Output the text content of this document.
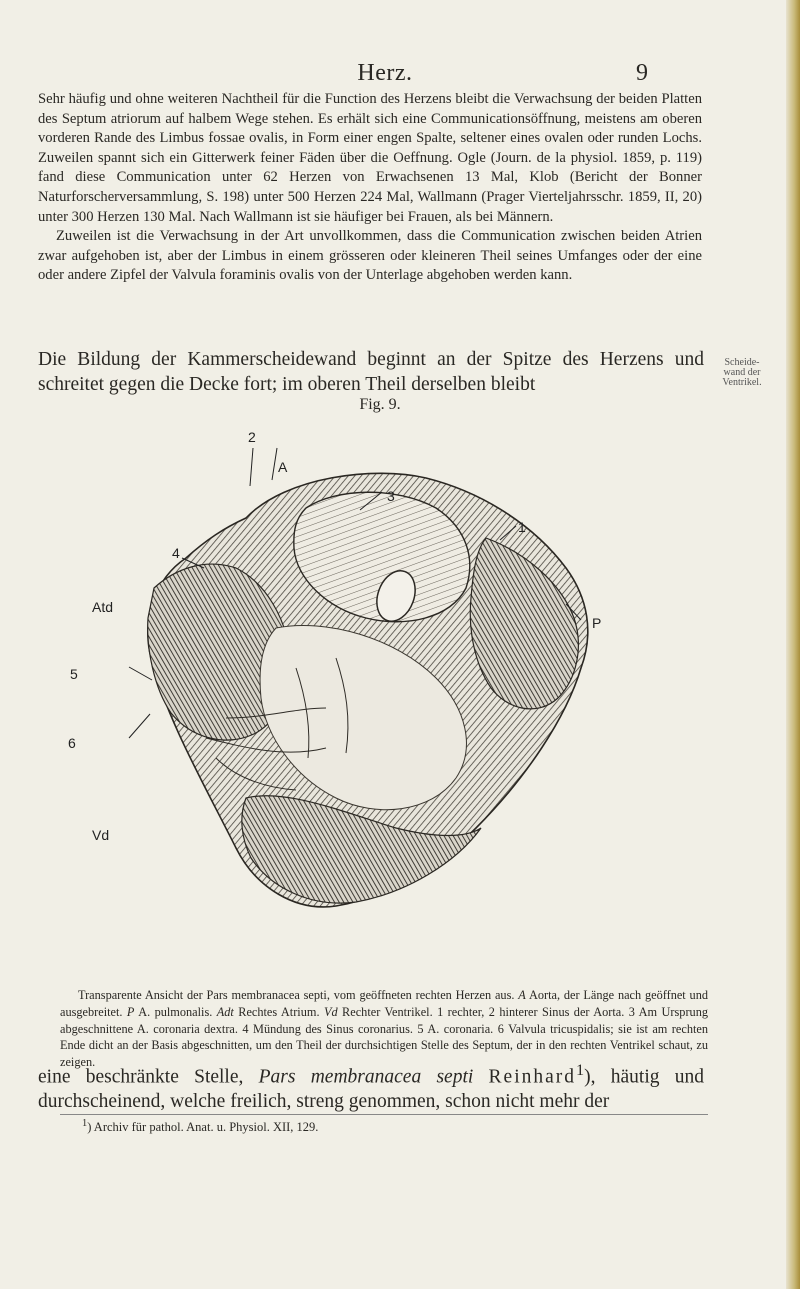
Herz.	9

Sehr häufig und ohne weiteren Nachtheil für die Function des Herzens bleibt die Verwachsung der beiden Platten des Septum atriorum auf halbem Wege stehen. Es erhält sich eine Communicationsöffnung, meistens am oberen vorderen Rande des Limbus fossae ovalis, in Form einer engen Spalte, seltener eines ovalen oder runden Lochs. Zuweilen spannt sich ein Gitterwerk feiner Fäden über die Oeffnung. Ogle (Journ. de la physiol. 1859, p. 119) fand diese Communication unter 62 Herzen von Erwachsenen 13 Mal, Klob (Bericht der Bonner Naturforscherversammlung, S. 198) unter 500 Herzen 224 Mal, Wallmann (Prager Vierteljahrsschr. 1859, II, 20) unter 300 Herzen 130 Mal. Nach Wallmann ist sie häufiger bei Frauen, als bei Männern.

Zuweilen ist die Verwachsung in der Art unvollkommen, dass die Communication zwischen beiden Atrien zwar aufgehoben ist, aber der Limbus in einem grösseren oder kleineren Theil seines Umfanges oder der eine oder andere Zipfel der Valvula foraminis ovalis von der Unterlage abgehoben werden kann.

Die Bildung der Kammerscheidewand beginnt an der Spitze des Herzens und schreitet gegen die Decke fort; im oberen Theil derselben bleibt

Scheide-
wand der
Ventrikel.
Fig. 9.
2
A
3
1
4
Atd
P
5
6
Vd

Transparente Ansicht der Pars membranacea septi, vom geöffneten rechten Herzen aus. A Aorta, der Länge nach geöffnet und ausgebreitet. P A. pulmonalis. Adt Rechtes Atrium. Vd Rechter Ventrikel. 1 rechter, 2 hinterer Sinus der Aorta. 3 Am Ursprung abgeschnittene A. coronaria dextra. 4 Mündung des Sinus coronarius. 5 A. coronaria. 6 Valvula tricuspidalis; sie ist am rechten Ende dicht an der Basis abgeschnitten, um den Theil der durchsichtigen Stelle des Septum, der in den rechten Ventrikel schaut, zu zeigen.

eine beschränkte Stelle, Pars membranacea septi Reinhard$^1$), häutig und durchscheinend, welche freilich, streng genommen, schon nicht mehr der

$^1$) Archiv für pathol. Anat. u. Physiol. XII, 129.
